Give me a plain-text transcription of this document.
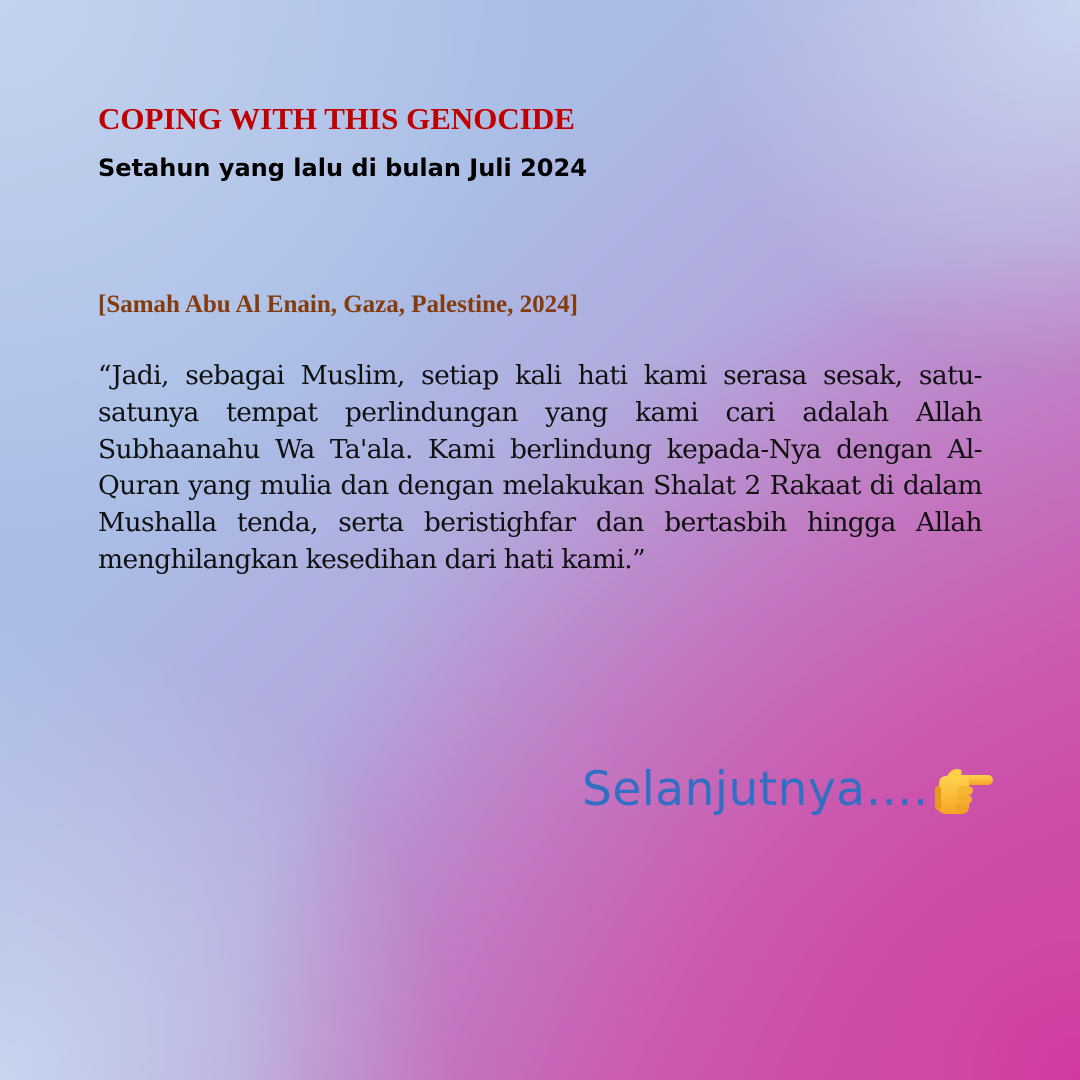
COPING WITH THIS GENOCIDE
Setahun yang lalu di bulan Juli 2024

[Samah Abu Al Enain, Gaza, Palestine, 2024]

“Jadi, sebagai Muslim, setiap kali hati kami serasa sesak, satu-satunya tempat perlindungan yang kami cari adalah Allah Subhaanahu Wa Ta'ala. Kami berlindung kepada-Nya dengan Al-Quran yang mulia dan dengan melakukan Shalat 2 Rakaat di dalam Mushalla tenda, serta beristighfar dan bertasbih hingga Allah menghilangkan kesedihan dari hati kami.”

Selanjutnya….
